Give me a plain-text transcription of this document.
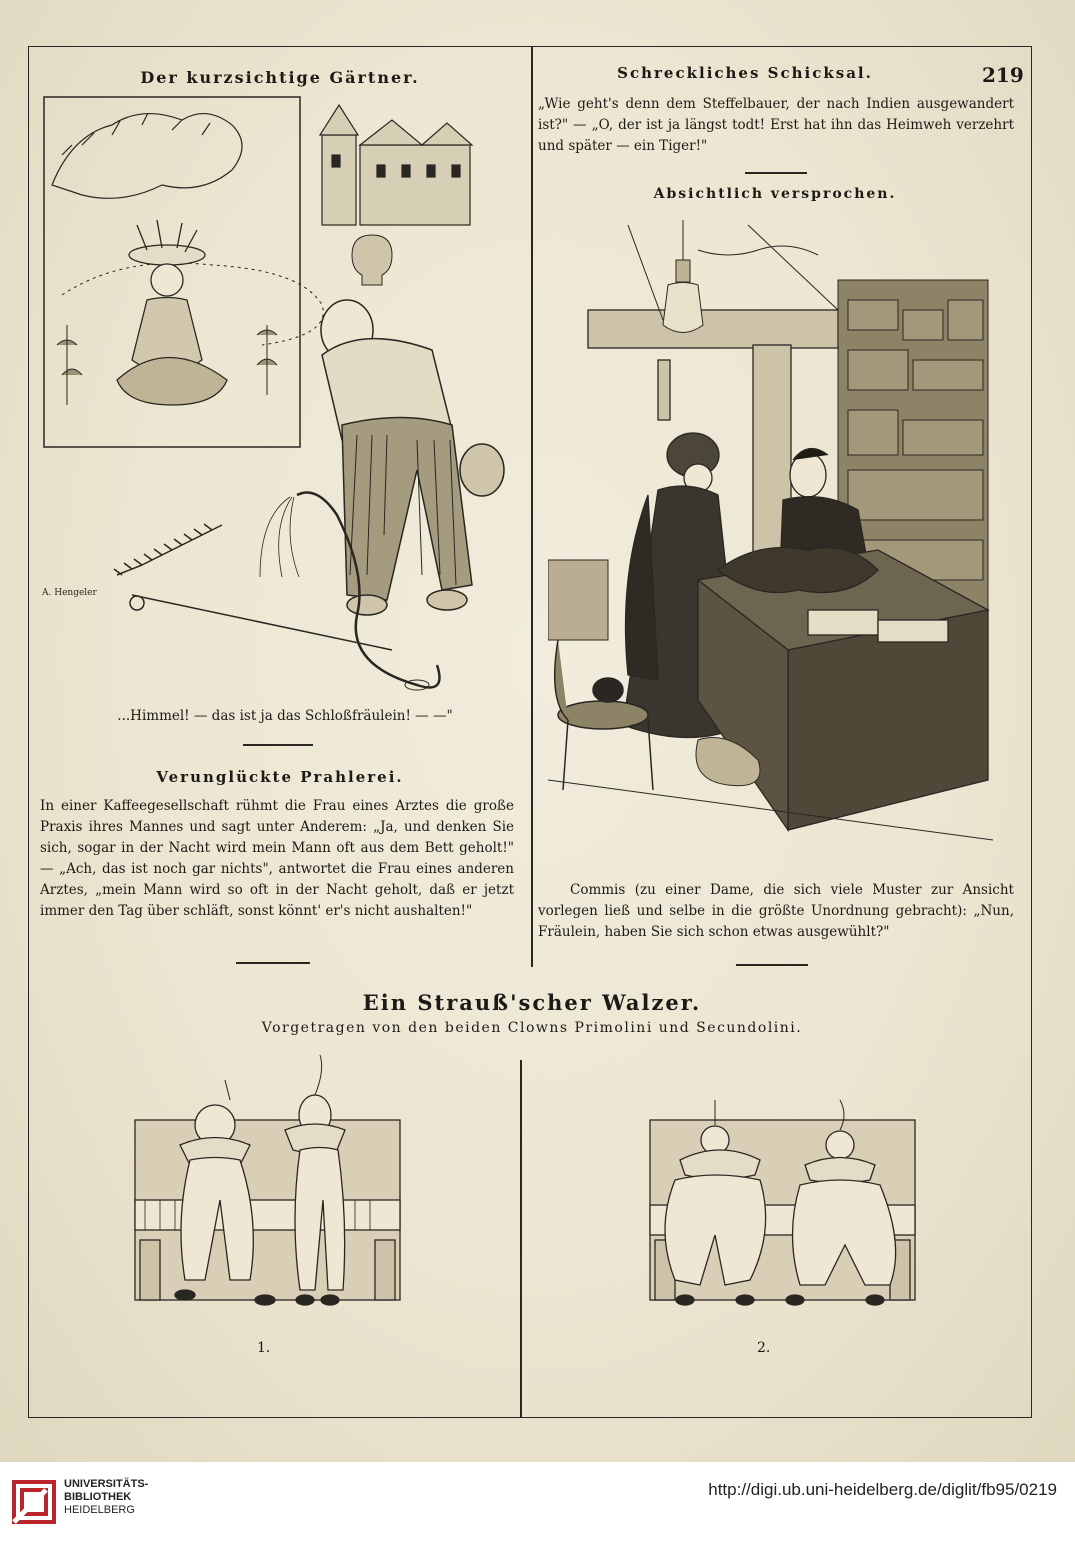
Der kurzsichtige Gärtner.
A. Hengeler
...Himmel! — das ist ja das Schloßfräulein! — —"
Verunglückte Prahlerei.
In einer Kaffeegesellschaft rühmt die Frau eines Arztes die große Praxis ihres Mannes und sagt unter Anderem: „Ja, und denken Sie sich, sogar in der Nacht wird mein Mann oft aus dem Bett geholt!" — „Ach, das ist noch gar nichts", antwortet die Frau eines anderen Arztes, „mein Mann wird so oft in der Nacht geholt, daß er jetzt immer den Tag über schläft, sonst könnt' er's nicht aushalten!"
Schreckliches Schicksal.	219
„Wie geht's denn dem Steffelbauer, der nach Indien ausgewandert ist?" — „O, der ist ja längst todt! Erst hat ihn das Heimweh verzehrt und später — ein Tiger!"
Absichtlich versprochen.
Commis (zu einer Dame, die sich viele Muster zur Ansicht vorlegen ließ und selbe in die größte Unordnung gebracht): „Nun, Fräulein, haben Sie sich schon etwas ausgewühlt?"
Ein Strauß'scher Walzer.
Vorgetragen von den beiden Clowns Primolini und Secundolini.
1.	2.
UNIVERSITÄTS-
BIBLIOTHEK
HEIDELBERG
http://digi.ub.uni-heidelberg.de/diglit/fb95/0219
